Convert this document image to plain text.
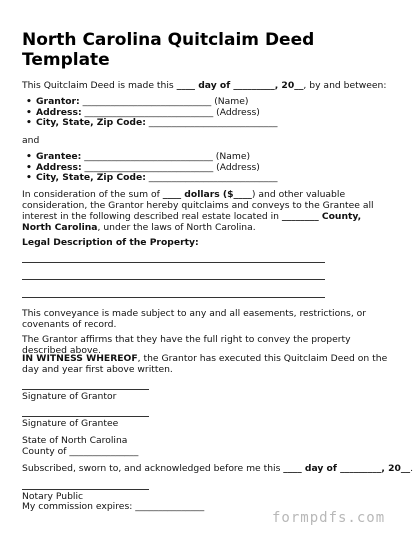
North Carolina Quitclaim Deed Template
This Quitclaim Deed is made this ____ day of _________, 20__, by and between:
• Grantor: ____________________________ (Name)
• Address: ____________________________ (Address)
• City, State, Zip Code: ____________________________
and
• Grantee: ____________________________ (Name)
• Address: ____________________________ (Address)
• City, State, Zip Code: ____________________________
In consideration of the sum of ____ dollars ($____) and other valuable consideration, the Grantor hereby quitclaims and conveys to the Grantee all interest in the following described real estate located in ________ County, North Carolina, under the laws of North Carolina.
Legal Description of the Property:
This conveyance is made subject to any and all easements, restrictions, or covenants of record.
The Grantor affirms that they have the full right to convey the property described above.
IN WITNESS WHEREOF, the Grantor has executed this Quitclaim Deed on the day and year first above written.
Signature of Grantor
Signature of Grantee
State of North Carolina
County of _______________
Subscribed, sworn to, and acknowledged before me this ____ day of _________, 20__.
Notary Public
My commission expires: _______________
formpdfs.com
